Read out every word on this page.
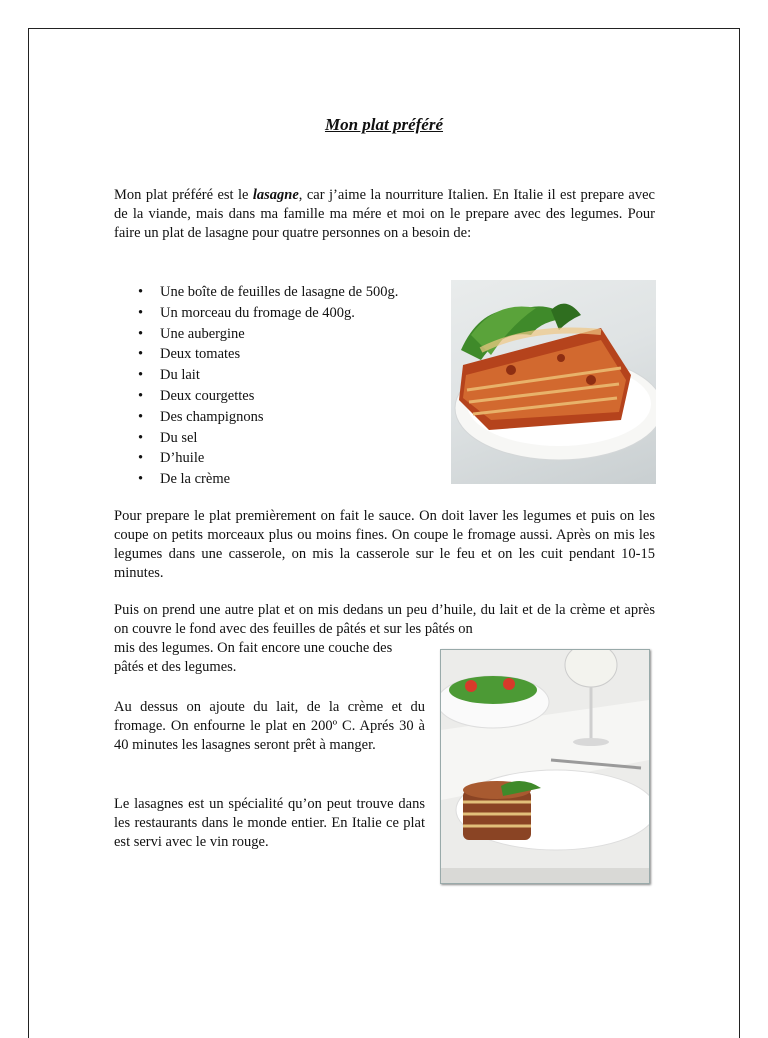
Mon plat préféré

Mon plat préféré est le lasagne, car j’aime la nourriture Italien. En Italie il est prepare avec de la viande, mais dans ma famille ma mére et moi on le prepare avec des legumes. Pour faire un plat de lasagne pour quatre personnes on a besoin de:

• Une boîte de feuilles de lasagne de 500g.
• Un morceau du fromage de 400g.
• Une aubergine
• Deux tomates
• Du lait
• Deux courgettes
• Des champignons
• Du sel
• D’huile
• De la crème

Pour prepare le plat premièrement on fait le sauce. On doit laver les legumes et puis on les coupe on petits morceaux plus ou moins fines. On coupe le fromage aussi. Après on mis les legumes dans une casserole, on mis la casserole sur le feu et on les cuit pendant 10-15 minutes.

Puis on prend une autre plat et on mis dedans un peu d’huile, du lait et de la crème et après on couvre le fond avec des feuilles de pâtés et sur les pâtés on

mis des legumes. On fait encore une couche des pâtés et des legumes.

Au dessus on ajoute du lait, de la crème et du fromage. On enfourne le plat en 200º C. Aprés 30 à 40 minutes les lasagnes seront prêt à manger.

Le lasagnes est un spécialité qu’on peut trouve dans les restaurants dans le monde entier. En Italie ce plat est servi avec le vin rouge.
